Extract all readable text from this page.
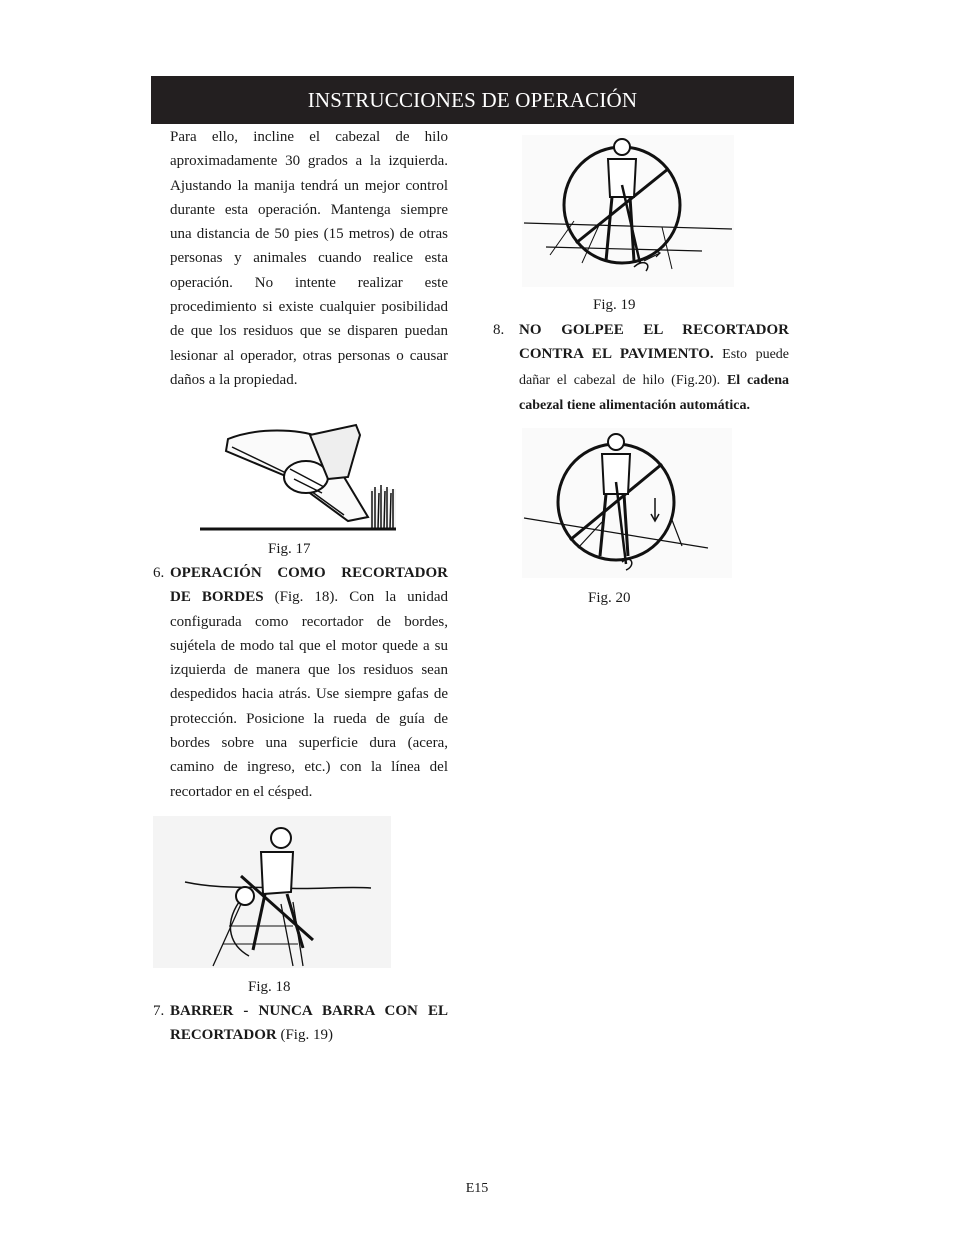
INSTRUCCIONES DE OPERACIÓN
Para ello, incline el cabezal de hilo aproximadamente 30 grados a la izquierda. Ajustando la manija tendrá un mejor control durante esta operación. Mantenga siempre una distancia de 50 pies (15 metros) de otras personas y animales cuando realice esta operación. No intente realizar este procedimiento si existe cualquier posibilidad de que los residuos que se disparen puedan lesionar al operador, otras personas o causar daños a la propiedad.
Fig. 17
6. OPERACIÓN COMO RECORTADOR DE BORDES (Fig. 18). Con la unidad configurada como recortador de bordes, sujétela de modo tal que el motor quede a su izquierda de manera que los residuos sean despedidos hacia atrás. Use siempre gafas de protección. Posicione la rueda de guía de bordes sobre una superficie dura (acera, camino de ingreso, etc.) con la línea del recortador en el césped.
Fig. 18
7. BARRER - NUNCA BARRA CON EL RECORTADOR (Fig. 19)
Fig. 19
8. NO GOLPEE EL RECORTADOR CONTRA EL PAVIMENTO. Esto puede dañar el cabezal de hilo (Fig.20). El cadena cabezal tiene alimentación automática.
Fig. 20
E15
